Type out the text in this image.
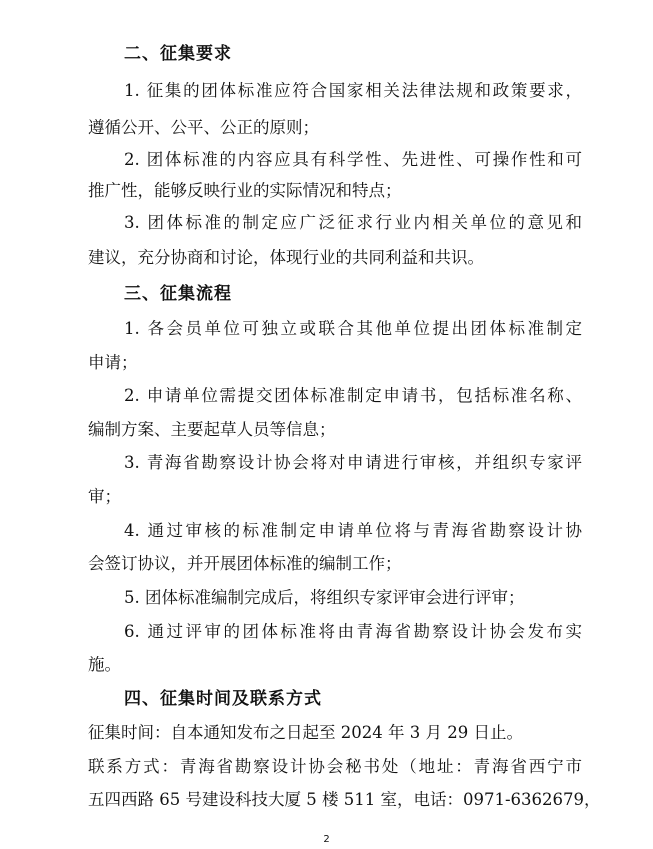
二、征集要求
1. 征集的团体标准应符合国家相关法律法规和政策要求，
遵循公开、公平、公正的原则；
2. 团体标准的内容应具有科学性、先进性、可操作性和可
推广性，能够反映行业的实际情况和特点；
3. 团体标准的制定应广泛征求行业内相关单位的意见和
建议，充分协商和讨论，体现行业的共同利益和共识。
三、征集流程
1. 各会员单位可独立或联合其他单位提出团体标准制定
申请；
2. 申请单位需提交团体标准制定申请书，包括标准名称、
编制方案、主要起草人员等信息；
3. 青海省勘察设计协会将对申请进行审核，并组织专家评
审；
4. 通过审核的标准制定申请单位将与青海省勘察设计协
会签订协议，并开展团体标准的编制工作；
5. 团体标准编制完成后，将组织专家评审会进行评审；
6. 通过评审的团体标准将由青海省勘察设计协会发布实
施。
四、征集时间及联系方式
征集时间：自本通知发布之日起至 2024 年 3 月 29 日止。
联系方式：青海省勘察设计协会秘书处（地址：青海省西宁市
五四西路 65 号建设科技大厦 5 楼 511 室，电话：0971-6362679，
2
